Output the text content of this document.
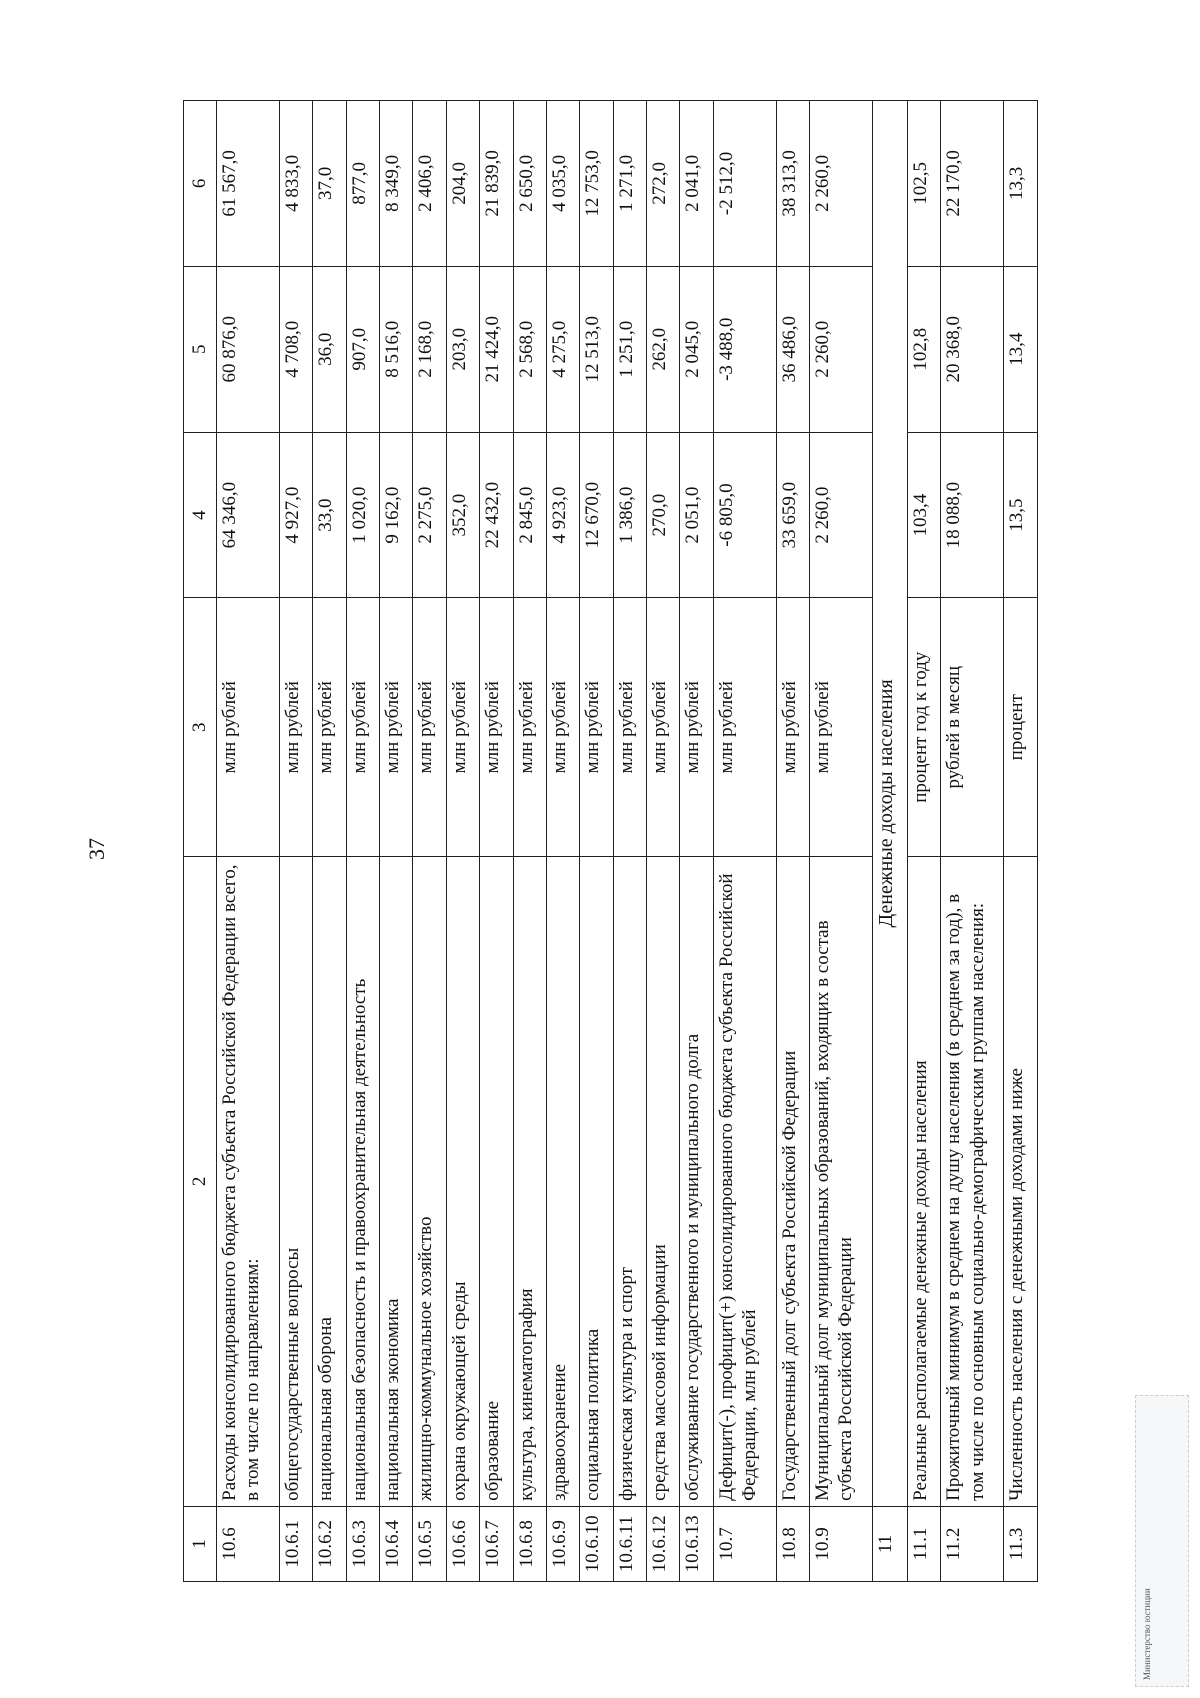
37
1	2	3	4	5	6
10.6	Расходы консолидированного бюджета субъекта Российской Федерации всего, в том числе по направлениям:	млн рублей	64 346,0	60 876,0	61 567,0
10.6.1	общегосударственные вопросы	млн рублей	4 927,0	4 708,0	4 833,0
10.6.2	национальная оборона	млн рублей	33,0	36,0	37,0
10.6.3	национальная безопасность и правоохранительная деятельность	млн рублей	1 020,0	907,0	877,0
10.6.4	национальная экономика	млн рублей	9 162,0	8 516,0	8 349,0
10.6.5	жилищно-коммунальное хозяйство	млн рублей	2 275,0	2 168,0	2 406,0
10.6.6	охрана окружающей среды	млн рублей	352,0	203,0	204,0
10.6.7	образование	млн рублей	22 432,0	21 424,0	21 839,0
10.6.8	культура, кинематография	млн рублей	2 845,0	2 568,0	2 650,0
10.6.9	здравоохранение	млн рублей	4 923,0	4 275,0	4 035,0
10.6.10	социальная политика	млн рублей	12 670,0	12 513,0	12 753,0
10.6.11	физическая культура и спорт	млн рублей	1 386,0	1 251,0	1 271,0
10.6.12	средства массовой информации	млн рублей	270,0	262,0	272,0
10.6.13	обслуживание государственного и муниципального долга	млн рублей	2 051,0	2 045,0	2 041,0
10.7	Дефицит(-), профицит(+) консолидированного бюджета субъекта Российской Федерации, млн рублей	млн рублей	-6 805,0	-3 488,0	-2 512,0
10.8	Государственный долг субъекта Российской Федерации	млн рублей	33 659,0	36 486,0	38 313,0
10.9	Муниципальный долг муниципальных образований, входящих в состав субъекта Российской Федерации	млн рублей	2 260,0	2 260,0	2 260,0
11	Денежные доходы населения				
11.1	Реальные располагаемые денежные доходы населения	процент год к году	103,4	102,8	102,5
11.2	Прожиточный минимум в среднем на душу населения (в среднем за год), в том числе по основным социально-демографическим группам населения:	рублей в месяц	18 088,0	20 368,0	22 170,0
11.3	Численность населения с денежными доходами ниже	процент	13,5	13,4	13,3
Министерство юстиции
